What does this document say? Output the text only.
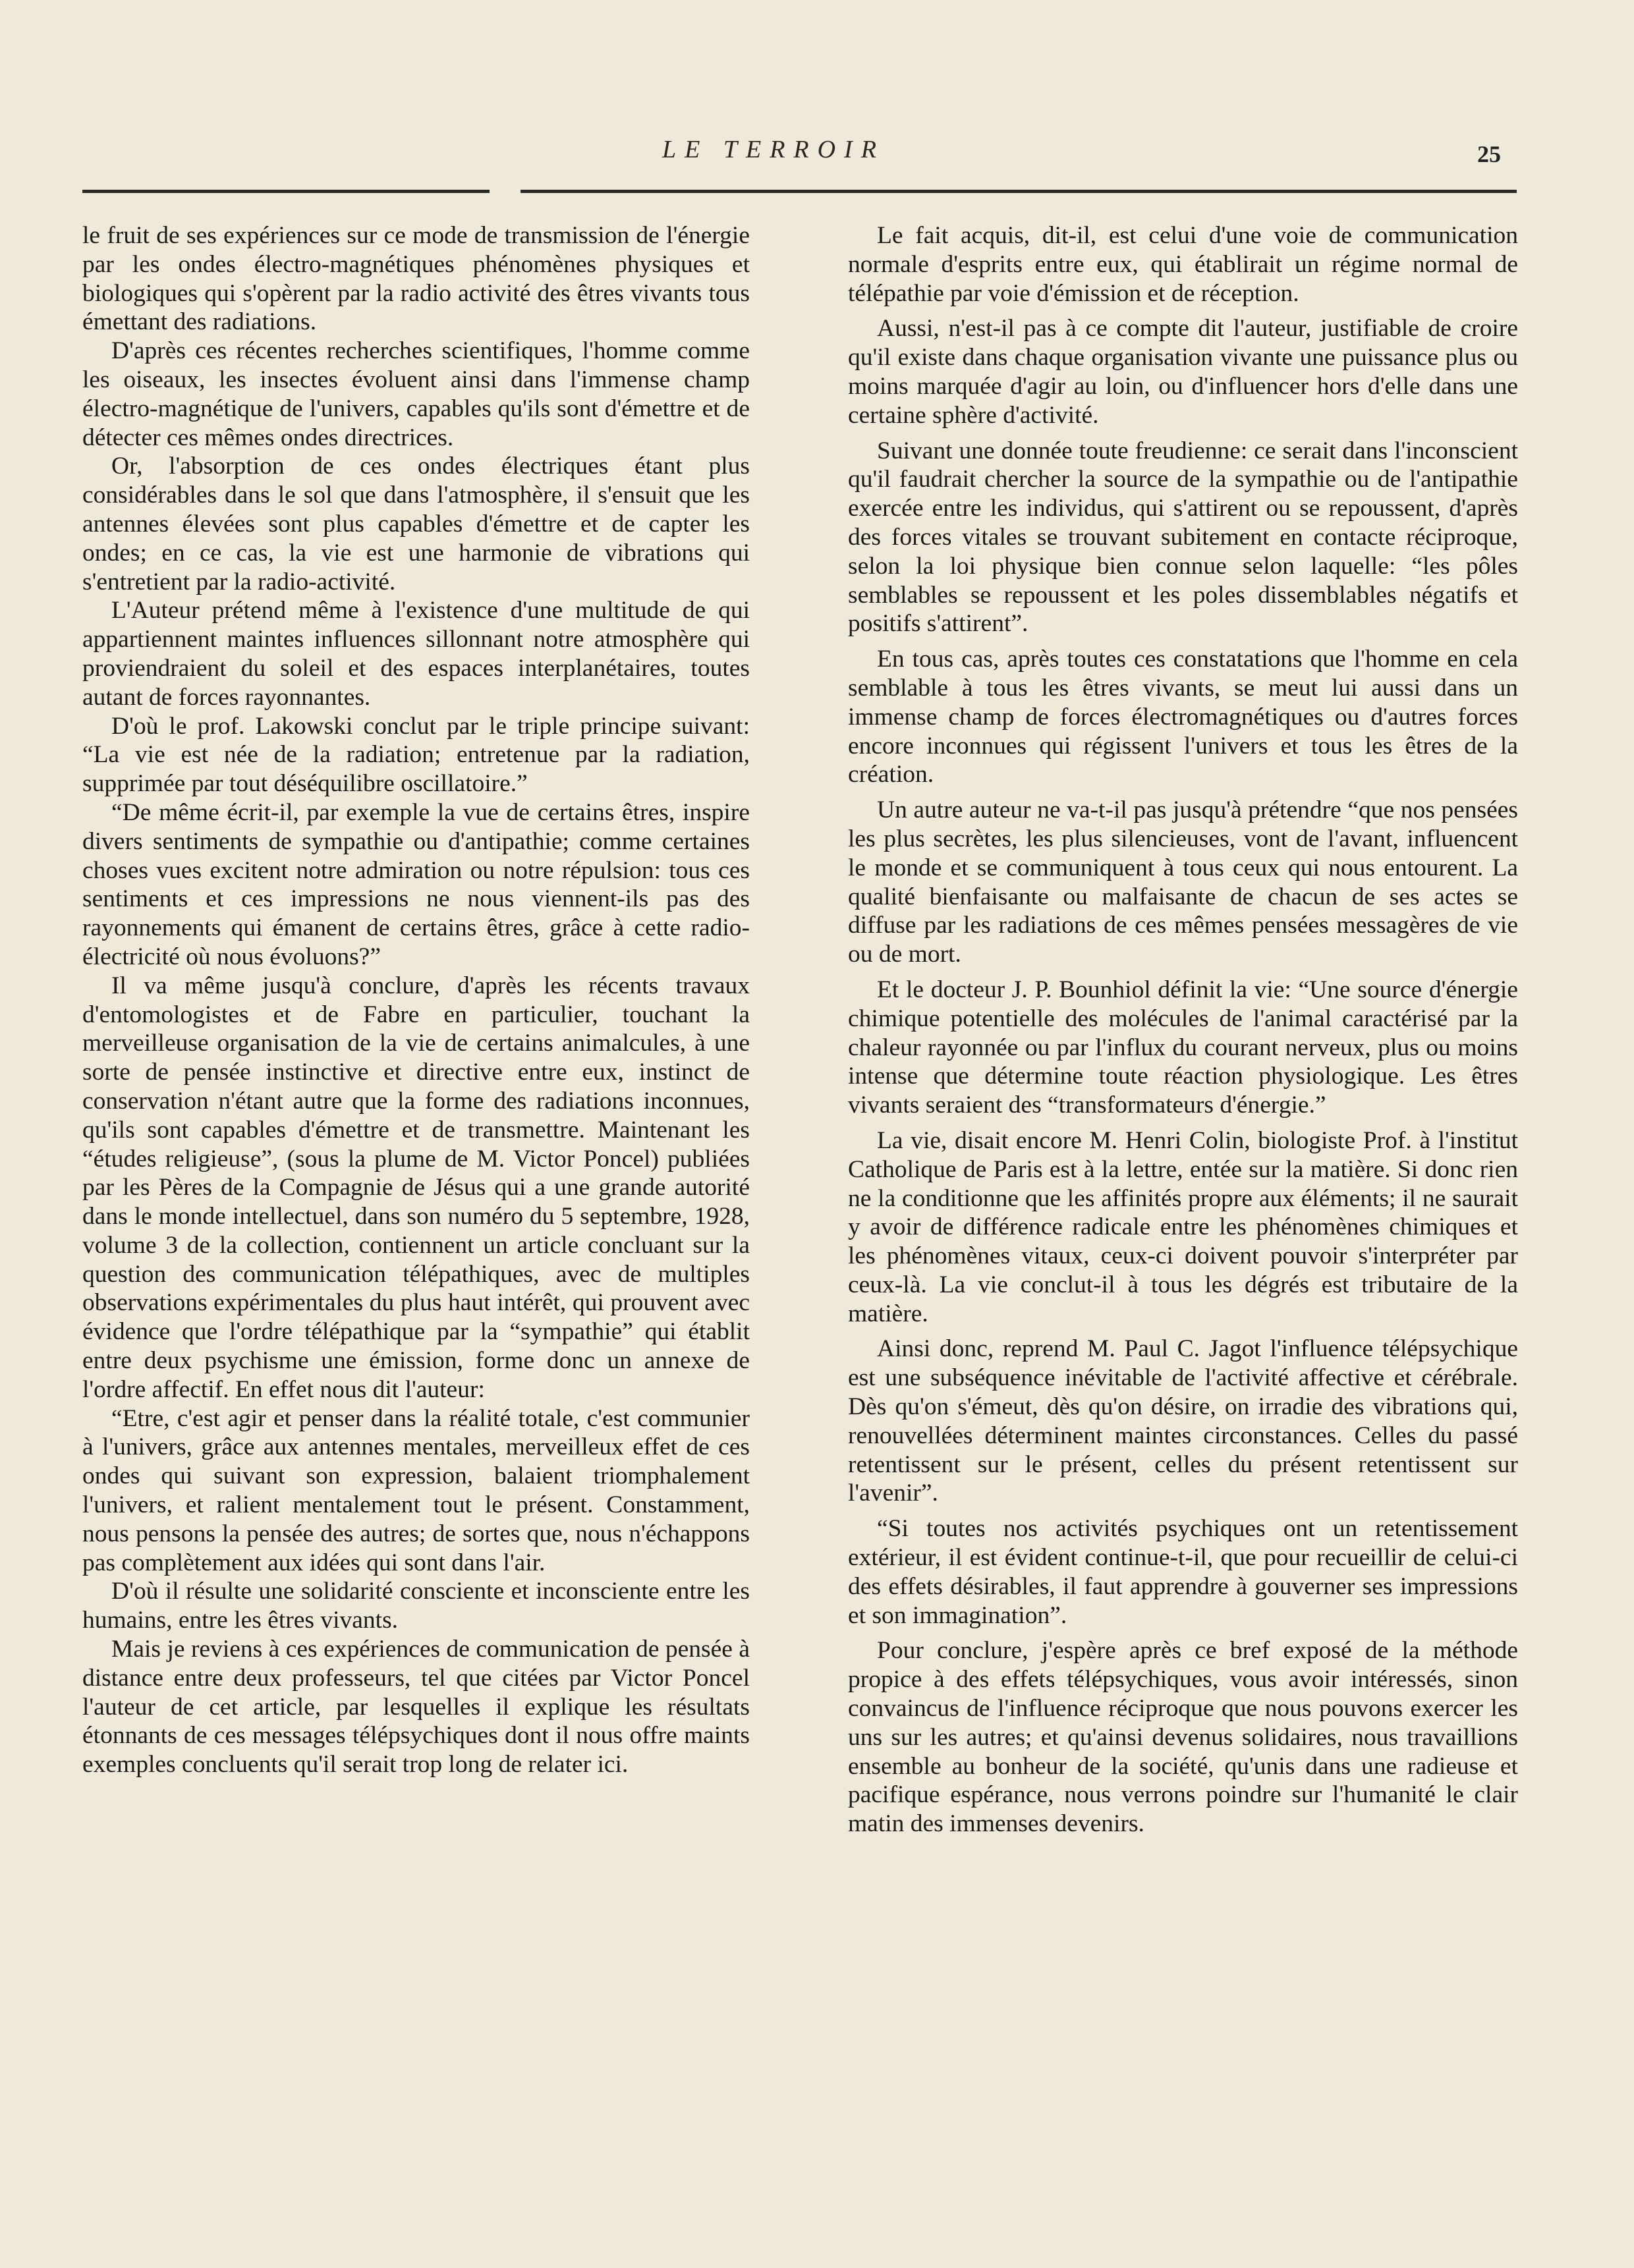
LE TERROIR	25

le fruit de ses expériences sur ce mode de transmission de l'énergie par les ondes électro-magnétiques phénomènes physiques et biologiques qui s'opèrent par la radio activité des êtres vivants tous émettant des radiations.

D'après ces récentes recherches scientifiques, l'homme comme les oiseaux, les insectes évoluent ainsi dans l'immense champ électro-magnétique de l'univers, capables qu'ils sont d'émettre et de détecter ces mêmes ondes directrices.

Or, l'absorption de ces ondes électriques étant plus considérables dans le sol que dans l'atmosphère, il s'ensuit que les antennes élevées sont plus capables d'émettre et de capter les ondes; en ce cas, la vie est une harmonie de vibrations qui s'entretient par la radio-activité.

L'Auteur prétend même à l'existence d'une multitude de qui appartiennent maintes influences sillonnant notre atmosphère qui proviendraient du soleil et des espaces interplanétaires, toutes autant de forces rayonnantes.

D'où le prof. Lakowski conclut par le triple principe suivant: “La vie est née de la radiation; entretenue par la radiation, supprimée par tout déséquilibre oscillatoire.”

“De même écrit-il, par exemple la vue de certains êtres, inspire divers sentiments de sympathie ou d'antipathie; comme certaines choses vues excitent notre admiration ou notre répulsion: tous ces sentiments et ces impressions ne nous viennent-ils pas des rayonnements qui émanent de certains êtres, grâce à cette radio-électricité où nous évoluons?”

Il va même jusqu'à conclure, d'après les récents travaux d'entomologistes et de Fabre en particulier, touchant la merveilleuse organisation de la vie de certains animalcules, à une sorte de pensée instinctive et directive entre eux, instinct de conservation n'étant autre que la forme des radiations inconnues, qu'ils sont capables d'émettre et de transmettre. Maintenant les “études religieuse”, (sous la plume de M. Victor Poncel) publiées par les Pères de la Compagnie de Jésus qui a une grande autorité dans le monde intellectuel, dans son numéro du 5 septembre, 1928, volume 3 de la collection, contiennent un article concluant sur la question des communication télépathiques, avec de multiples observations expérimentales du plus haut intérêt, qui prouvent avec évidence que l'ordre télépathique par la “sympathie” qui établit entre deux psychisme une émission, forme donc un annexe de l'ordre affectif. En effet nous dit l'auteur:

“Etre, c'est agir et penser dans la réalité totale, c'est communier à l'univers, grâce aux antennes mentales, merveilleux effet de ces ondes qui suivant son expression, balaient triomphalement l'univers, et ralient mentalement tout le présent. Constamment, nous pensons la pensée des autres; de sortes que, nous n'échappons pas complètement aux idées qui sont dans l'air.

D'où il résulte une solidarité consciente et inconsciente entre les humains, entre les êtres vivants.

Mais je reviens à ces expériences de communication de pensée à distance entre deux professeurs, tel que citées par Victor Poncel l'auteur de cet article, par lesquelles il explique les résultats étonnants de ces messages télépsychiques dont il nous offre maints exemples concluents qu'il serait trop long de relater ici.

Le fait acquis, dit-il, est celui d'une voie de communication normale d'esprits entre eux, qui établirait un régime normal de télépathie par voie d'émission et de réception.

Aussi, n'est-il pas à ce compte dit l'auteur, justifiable de croire qu'il existe dans chaque organisation vivante une puissance plus ou moins marquée d'agir au loin, ou d'influencer hors d'elle dans une certaine sphère d'activité.

Suivant une donnée toute freudienne: ce serait dans l'inconscient qu'il faudrait chercher la source de la sympathie ou de l'antipathie exercée entre les individus, qui s'attirent ou se repoussent, d'après des forces vitales se trouvant subitement en contacte réciproque, selon la loi physique bien connue selon laquelle: “les pôles semblables se repoussent et les poles dissemblables négatifs et positifs s'attirent”.

En tous cas, après toutes ces constatations que l'homme en cela semblable à tous les êtres vivants, se meut lui aussi dans un immense champ de forces électromagnétiques ou d'autres forces encore inconnues qui régissent l'univers et tous les êtres de la création.

Un autre auteur ne va-t-il pas jusqu'à prétendre “que nos pensées les plus secrètes, les plus silencieuses, vont de l'avant, influencent le monde et se communiquent à tous ceux qui nous entourent. La qualité bienfaisante ou malfaisante de chacun de ses actes se diffuse par les radiations de ces mêmes pensées messagères de vie ou de mort.

Et le docteur J. P. Bounhiol définit la vie: “Une source d'énergie chimique potentielle des molécules de l'animal caractérisé par la chaleur rayonnée ou par l'influx du courant nerveux, plus ou moins intense que détermine toute réaction physiologique. Les êtres vivants seraient des “transformateurs d'énergie.”

La vie, disait encore M. Henri Colin, biologiste Prof. à l'institut Catholique de Paris est à la lettre, entée sur la matière. Si donc rien ne la conditionne que les affinités propre aux éléments; il ne saurait y avoir de différence radicale entre les phénomènes chimiques et les phénomènes vitaux, ceux-ci doivent pouvoir s'interpréter par ceux-là. La vie conclut-il à tous les dégrés est tributaire de la matière.

Ainsi donc, reprend M. Paul C. Jagot l'influence télépsychique est une subséquence inévitable de l'activité affective et cérébrale. Dès qu'on s'émeut, dès qu'on désire, on irradie des vibrations qui, renouvellées déterminent maintes circonstances. Celles du passé retentissent sur le présent, celles du présent retentissent sur l'avenir”.

“Si toutes nos activités psychiques ont un retentissement extérieur, il est évident continue-t-il, que pour recueillir de celui-ci des effets désirables, il faut apprendre à gouverner ses impressions et son immagination”.

Pour conclure, j'espère après ce bref exposé de la méthode propice à des effets télépsychiques, vous avoir intéressés, sinon convaincus de l'influence réciproque que nous pouvons exercer les uns sur les autres; et qu'ainsi devenus solidaires, nous travaillions ensemble au bonheur de la société, qu'unis dans une radieuse et pacifique espérance, nous verrons poindre sur l'humanité le clair matin des immenses devenirs.
